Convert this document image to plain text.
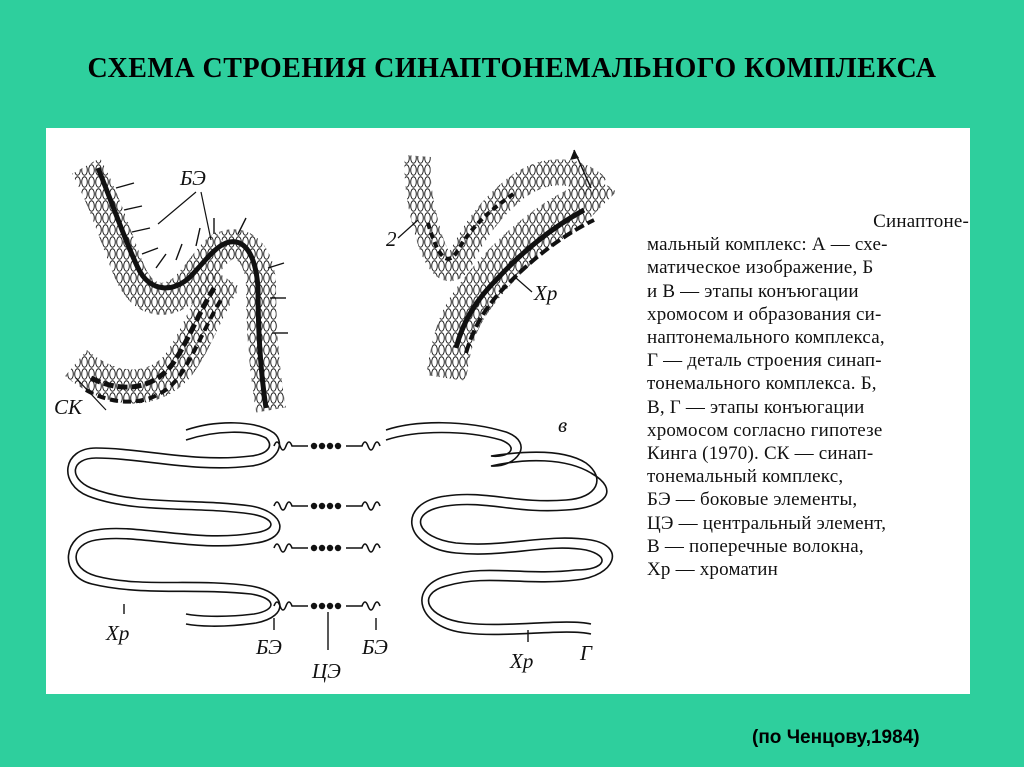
СХЕМА СТРОЕНИЯ СИНАПТОНЕМАЛЬНОГО КОМПЛЕКСА
БЭ
СК
2
Хр
в
Хр
БЭ
ЦЭ
БЭ
Хр Г
Синаптоне-
мальный комплекс: А — схе-
матическое изображение, Б
и В — этапы конъюгации
хромосом и образования си-
наптонемального комплекса,
Г — деталь строения синап-
тонемального комплекса. Б,
В, Г — этапы конъюгации
хромосом согласно гипотезе
Кинга (1970). СК — синап-
тонемальный комплекс,
БЭ — боковые элементы,
ЦЭ — центральный элемент,
В — поперечные волокна,
Хр — хроматин
(по Ченцову,1984)
